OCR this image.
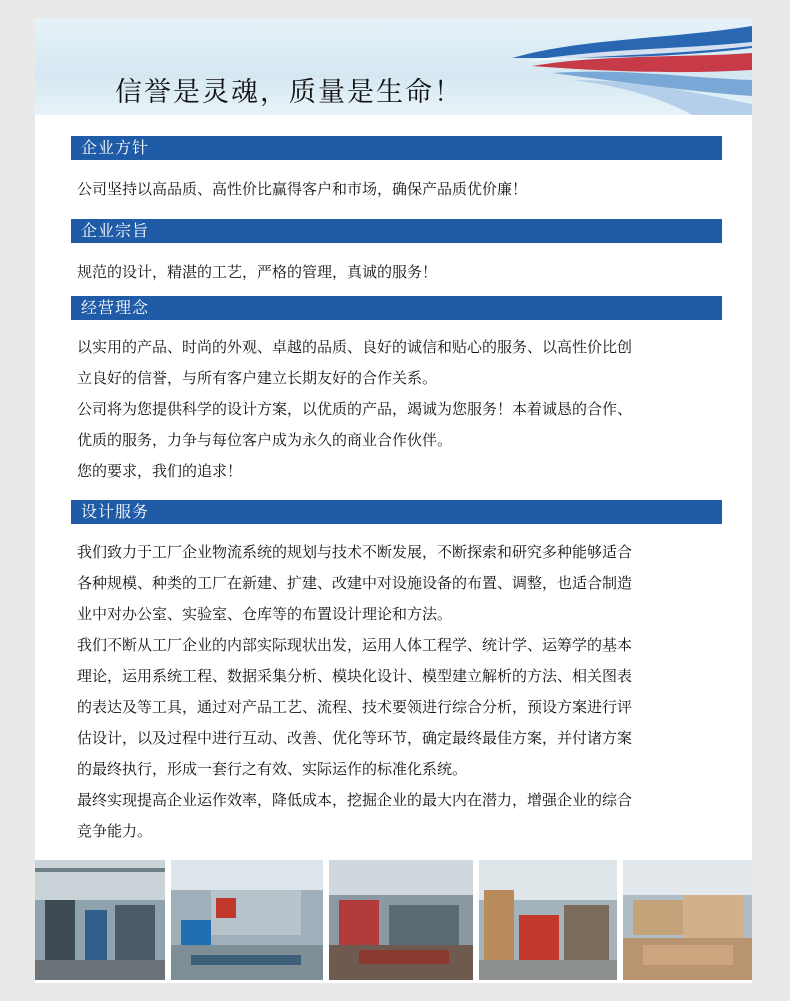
信誉是灵魂，质量是生命！
企业方针
公司坚持以高品质、高性价比赢得客户和市场，确保产品质优价廉！
企业宗旨
规范的设计，精湛的工艺，严格的管理，真诚的服务！
经营理念
以实用的产品、时尚的外观、卓越的品质、良好的诚信和贴心的服务、以高性价比创
立良好的信誉，与所有客户建立长期友好的合作关系。
公司将为您提供科学的设计方案，以优质的产品，竭诚为您服务！本着诚恳的合作、
优质的服务，力争与每位客户成为永久的商业合作伙伴。
您的要求，我们的追求！
设计服务
我们致力于工厂企业物流系统的规划与技术不断发展，不断探索和研究多种能够适合
各种规模、种类的工厂在新建、扩建、改建中对设施设备的布置、调整，也适合制造
业中对办公室、实验室、仓库等的布置设计理论和方法。
我们不断从工厂企业的内部实际现状出发，运用人体工程学、统计学、运筹学的基本
理论，运用系统工程、数据采集分析、模块化设计、模型建立解析的方法、相关图表
的表达及等工具，通过对产品工艺、流程、技术要领进行综合分析，预设方案进行评
估设计，以及过程中进行互动、改善、优化等环节，确定最终最佳方案，并付诸方案
的最终执行，形成一套行之有效、实际运作的标准化系统。
最终实现提高企业运作效率，降低成本，挖掘企业的最大内在潜力，增强企业的综合
竞争能力。
